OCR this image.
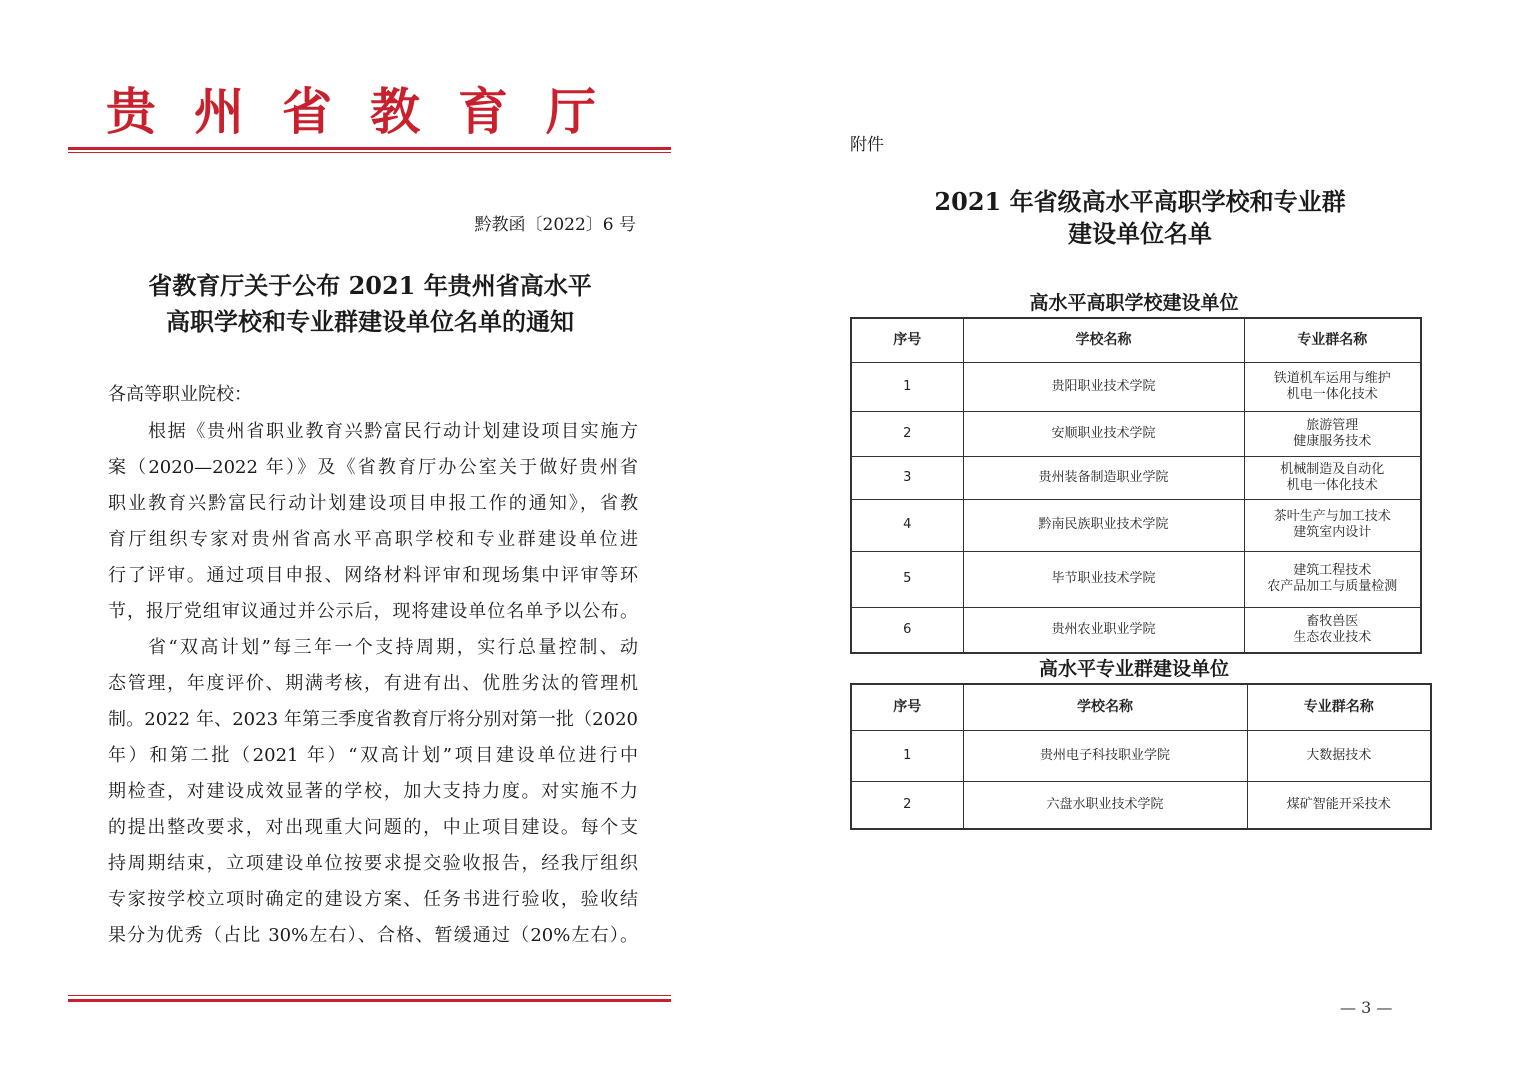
贵州省教育厅
黔教函〔2022〕6 号
省教育厅关于公布 2021 年贵州省高水平
高职学校和专业群建设单位名单的通知
各高等职业院校：
根据《贵州省职业教育兴黔富民行动计划建设项目实施方
案（2020—2022 年）》及《省教育厅办公室关于做好贵州省
职业教育兴黔富民行动计划建设项目申报工作的通知》，省教
育厅组织专家对贵州省高水平高职学校和专业群建设单位进
行了评审。通过项目申报、网络材料评审和现场集中评审等环
节，报厅党组审议通过并公示后，现将建设单位名单予以公布。
省“双高计划”每三年一个支持周期，实行总量控制、动
态管理，年度评价、期满考核，有进有出、优胜劣汰的管理机
制。2022 年、2023 年第三季度省教育厅将分别对第一批（2020
年）和第二批（2021 年）“双高计划”项目建设单位进行中
期检查，对建设成效显著的学校，加大支持力度。对实施不力
的提出整改要求，对出现重大问题的，中止项目建设。每个支
持周期结束，立项建设单位按要求提交验收报告，经我厅组织
专家按学校立项时确定的建设方案、任务书进行验收，验收结
果分为优秀（占比 30%左右）、合格、暂缓通过（20%左右）。
附件
2021 年省级高水平高职学校和专业群
建设单位名单
高水平高职学校建设单位
序号	学校名称	专业群名称
1	贵阳职业技术学院	铁道机车运用与维护
机电一体化技术

2	安顺职业技术学院	旅游管理
健康服务技术

3	贵州装备制造职业学院	机械制造及自动化
机电一体化技术

4	黔南民族职业技术学院	茶叶生产与加工技术
建筑室内设计

5	毕节职业技术学院	建筑工程技术
农产品加工与质量检测

6	贵州农业职业学院	畜牧兽医
生态农业技术
高水平专业群建设单位
序号	学校名称	专业群名称
1	贵州电子科技职业学院	大数据技术

2	六盘水职业技术学院	煤矿智能开采技术
— 3 —
